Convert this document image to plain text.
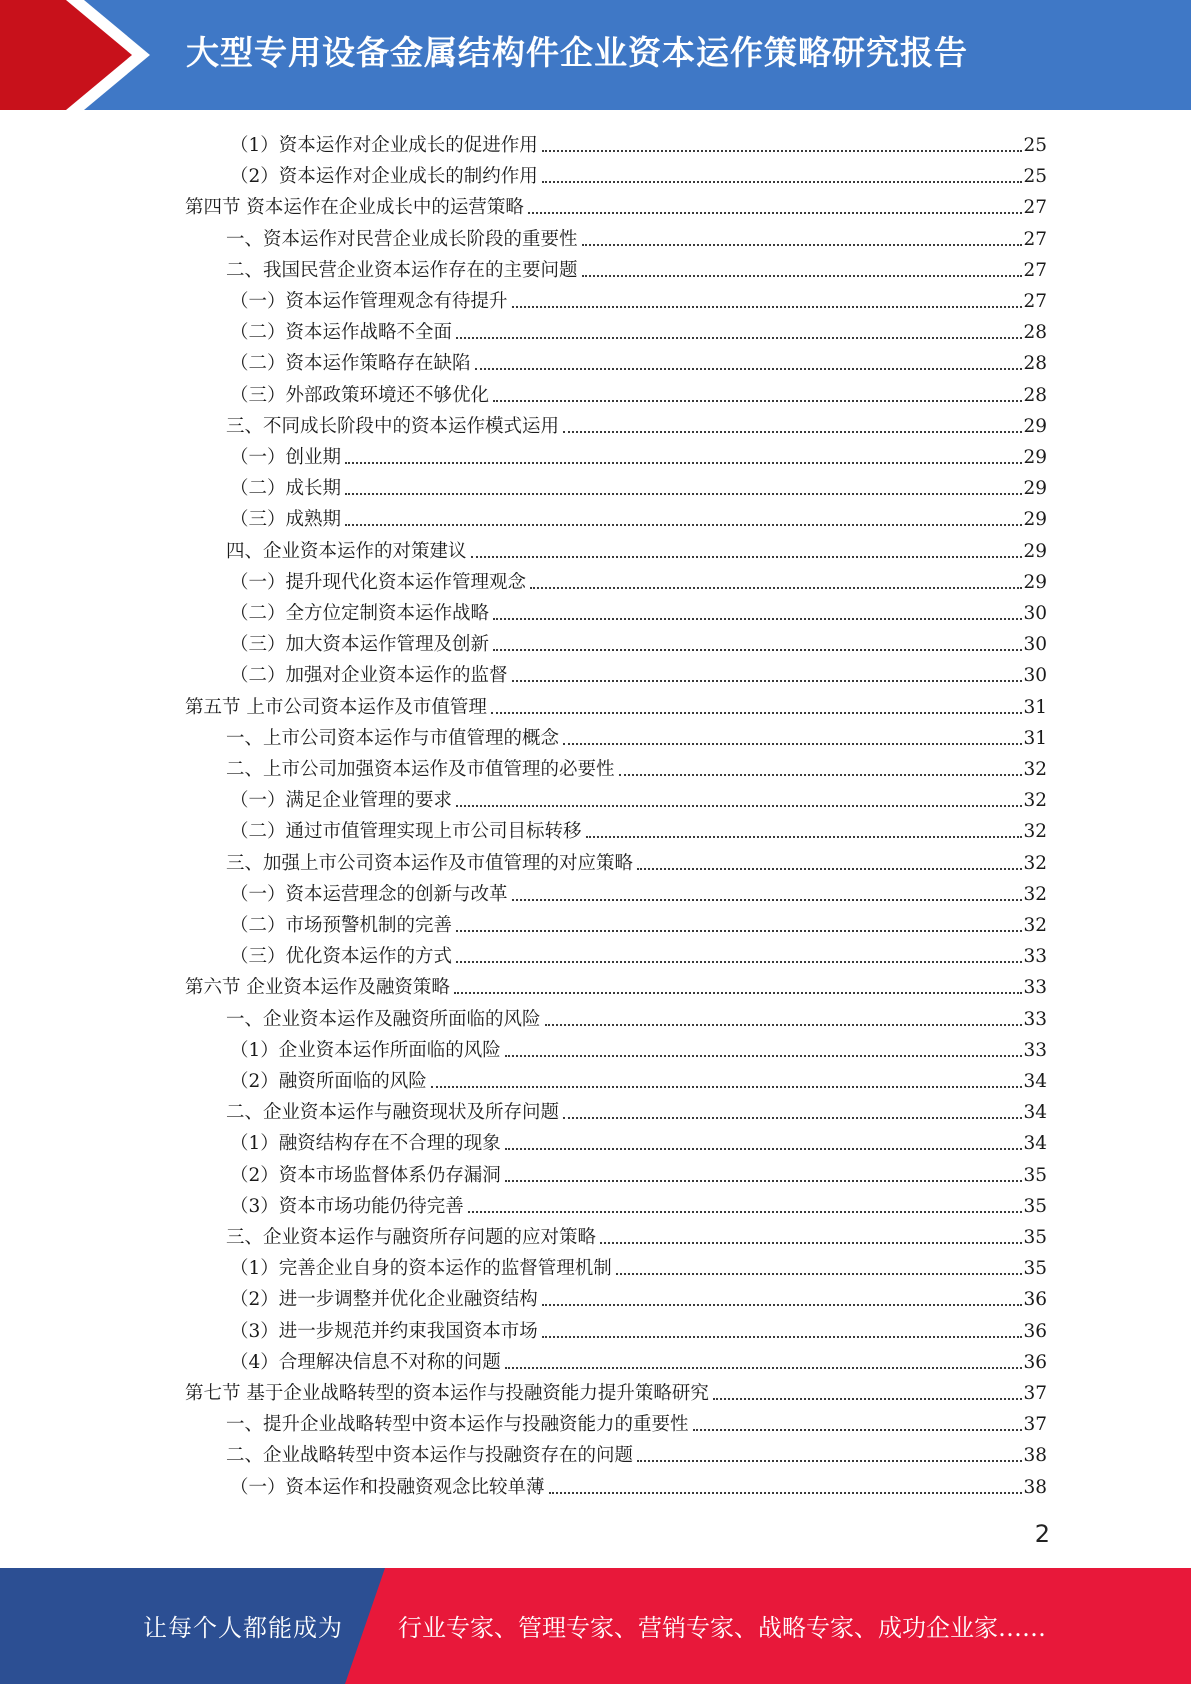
大型专用设备金属结构件企业资本运作策略研究报告
（1）资本运作对企业成长的促进作用	25
（2）资本运作对企业成长的制约作用	25
第四节 资本运作在企业成长中的运营策略	27
一、资本运作对民营企业成长阶段的重要性	27
二、我国民营企业资本运作存在的主要问题	27
（一）资本运作管理观念有待提升	27
（二）资本运作战略不全面	28
（二）资本运作策略存在缺陷	28
（三）外部政策环境还不够优化	28
三、不同成长阶段中的资本运作模式运用	29
（一）创业期	29
（二）成长期	29
（三）成熟期	29
四、企业资本运作的对策建议	29
（一）提升现代化资本运作管理观念	29
（二）全方位定制资本运作战略	30
（三）加大资本运作管理及创新	30
（二）加强对企业资本运作的监督	30
第五节 上市公司资本运作及市值管理	31
一、上市公司资本运作与市值管理的概念	31
二、上市公司加强资本运作及市值管理的必要性	32
（一）满足企业管理的要求	32
（二）通过市值管理实现上市公司目标转移	32
三、加强上市公司资本运作及市值管理的对应策略	32
（一）资本运营理念的创新与改革	32
（二）市场预警机制的完善	32
（三）优化资本运作的方式	33
第六节 企业资本运作及融资策略	33
一、企业资本运作及融资所面临的风险	33
（1）企业资本运作所面临的风险	33
（2）融资所面临的风险	34
二、企业资本运作与融资现状及所存问题	34
（1）融资结构存在不合理的现象	34
（2）资本市场监督体系仍存漏洞	35
（3）资本市场功能仍待完善	35
三、企业资本运作与融资所存问题的应对策略	35
（1）完善企业自身的资本运作的监督管理机制	35
（2）进一步调整并优化企业融资结构	36
（3）进一步规范并约束我国资本市场	36
（4）合理解决信息不对称的问题	36
第七节 基于企业战略转型的资本运作与投融资能力提升策略研究	37
一、提升企业战略转型中资本运作与投融资能力的重要性	37
二、企业战略转型中资本运作与投融资存在的问题	38
（一）资本运作和投融资观念比较单薄	38
2
让每个人都能成为 行业专家、管理专家、营销专家、战略专家、成功企业家……
